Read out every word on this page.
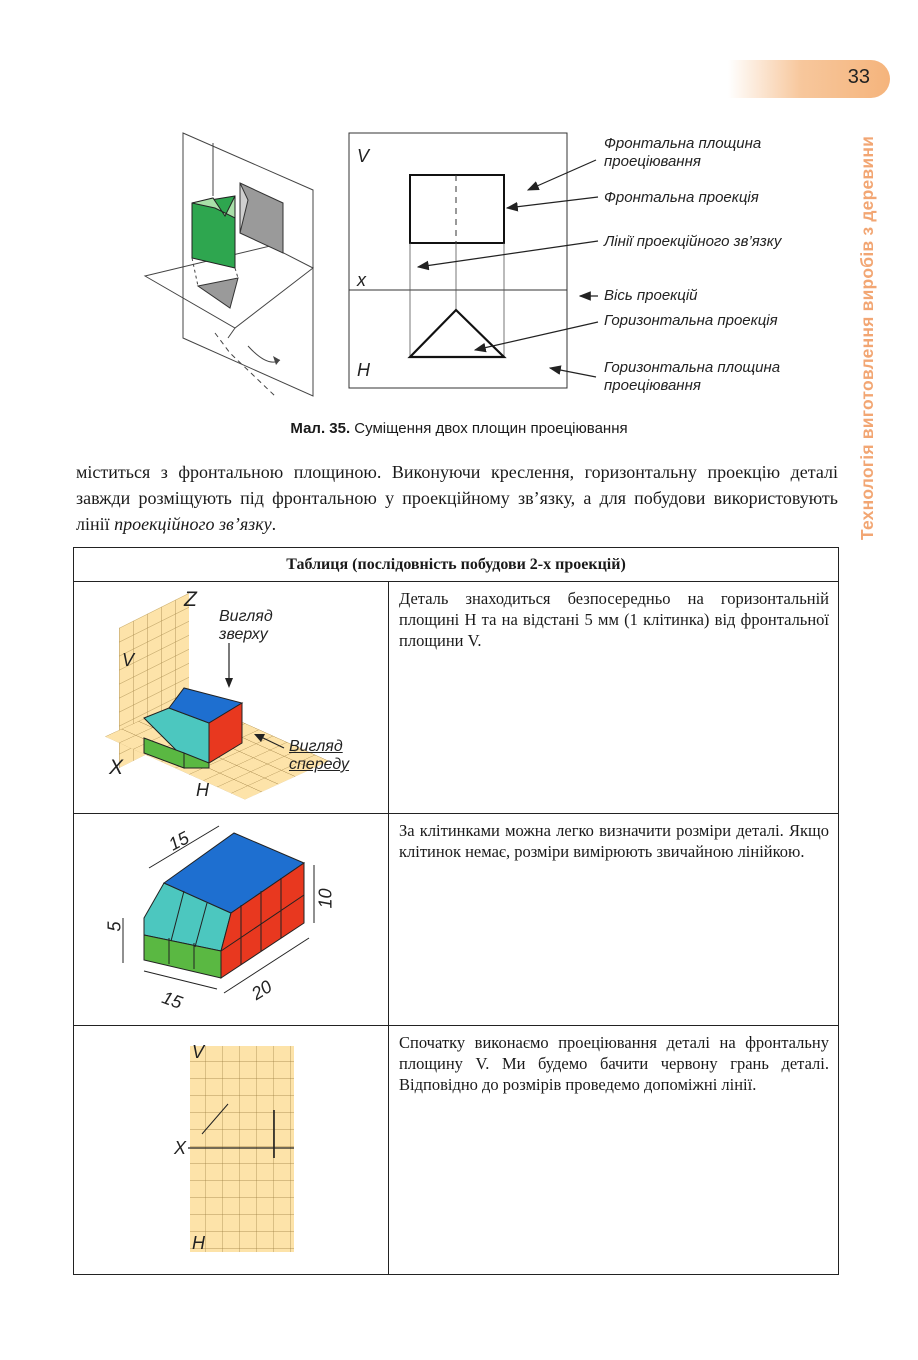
33
Технологія виготовлення виробів з деревини
V
x
H
Фронтальна площина проеціювання
Фронтальна проекція
Лінії проекційного зв’язку
Вісь проекцій
Горизонтальна проекція
Горизонтальна площина проеціювання
Мал. 35. Суміщення двох площин проеціювання
міститься з фронтальною площиною. Виконуючи креслення, горизонтальну проекцію деталі завжди розміщують під фронтальною у проекційному зв’язку, а для побудови використовують лінії проекційного зв’язку.
Таблиця (послідовність побудови 2-х проекцій)
Деталь знаходиться безпосередньо на горизонтальній площині H та на відстані 5 мм (1 клітинка) від фронтальної площини V.
За клітинками можна легко визначити розміри деталі. Якщо клітинок немає, розміри вимірюють звичайною лінійкою.
Спочатку виконаємо проеціювання деталі на фронтальну площину V. Ми будемо бачити червону грань деталі. Відповідно до розмірів проведемо допоміжні лінії.
Z
V
X
H
Вигляд зверху
Вигляд спереду
15
10
5
15	20
V
X
H
